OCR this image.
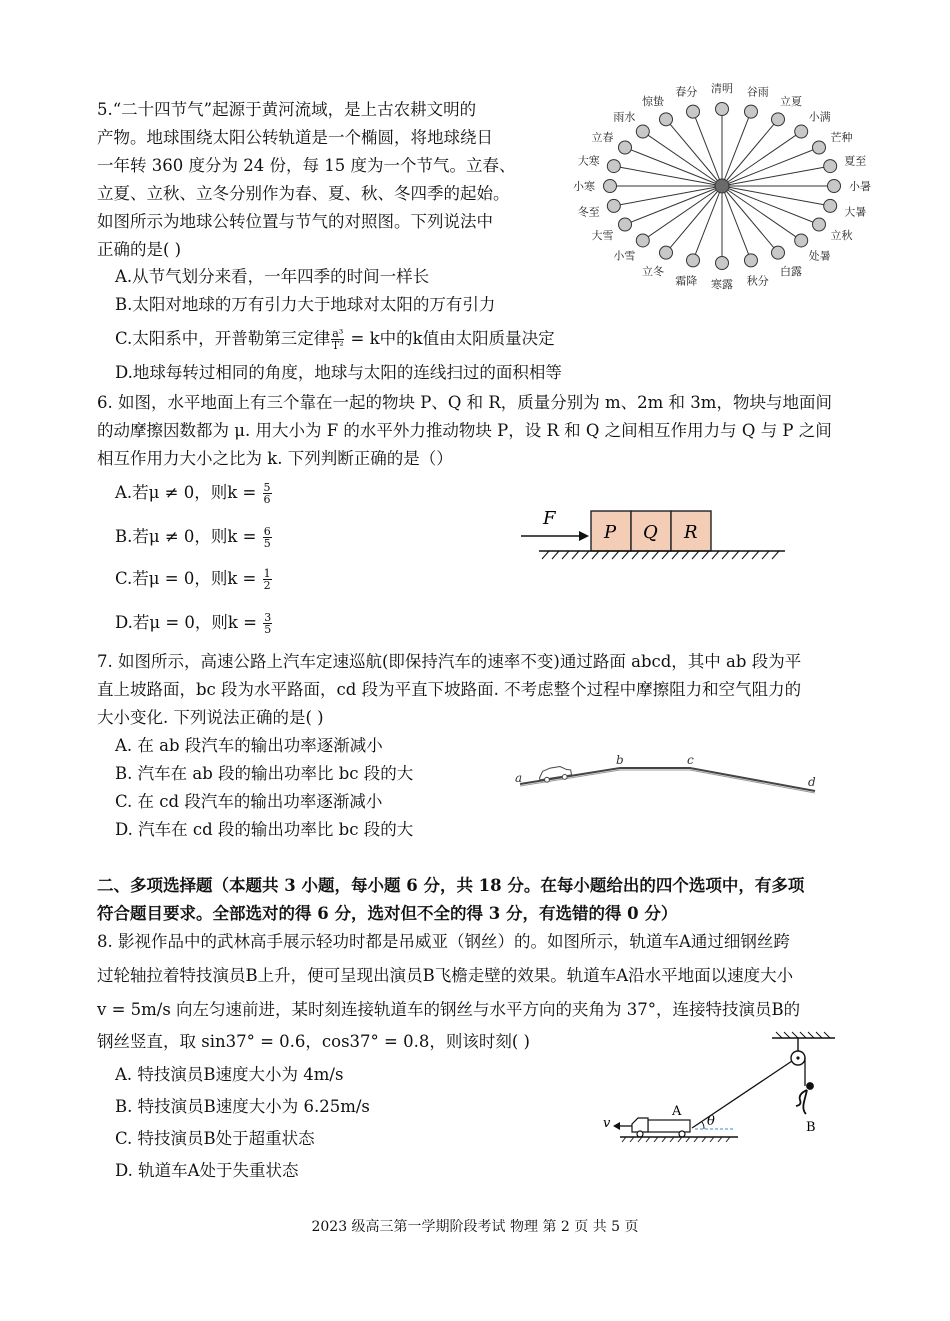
5.“二十四节气”起源于黄河流域，是上古农耕文明的
产物。地球围绕太阳公转轨道是一个椭圆，将地球绕日
一年转 360 度分为 24 份，每 15 度为一个节气。立春、
立夏、立秋、立冬分别作为春、夏、秋、冬四季的起始。
如图所示为地球公转位置与节气的对照图。下列说法中
正确的是( )
A.从节气划分来看，一年四季的时间一样长
B.太阳对地球的万有引力大于地球对太阳的万有引力
C.太阳系中，开普勒第三定律 $\frac{\text{a³}}{\text{T²}} = k$中的k值由太阳质量决定
D.地球每转过相同的角度，地球与太阳的连线扫过的面积相等
清明 谷雨
立夏
小满
芒种
夏至
小暑
大暑
立秋
处暑
白露
秋分
寒露
霜降
立冬
小雪
大雪
冬至
小寒
大寒
立春
雨水
惊蛰
春分
6. 如图，水平地面上有三个靠在一起的物块 P、Q 和 R，质量分别为 m、2m 和 3m，物块与地面间
的动摩擦因数都为 μ. 用大小为 F 的水平外力推动物块 P，设 R 和 Q 之间相互作用力与 Q 与 P 之间
相互作用力大小之比为 k. 下列判断正确的是（）
A.若μ ≠ 0，则$k = \frac{5}{6}$
B.若μ ≠ 0，则$k = \frac{6}{5}$
C.若μ = 0，则$k = \frac{1}{2}$
D.若μ = 0，则$k = \frac{3}{5}$
F
P Q R
7. 如图所示，高速公路上汽车定速巡航(即保持汽车的速率不变)通过路面 abcd，其中 ab 段为平
直上坡路面，bc 段为水平路面，cd 段为平直下坡路面. 不考虑整个过程中摩擦阻力和空气阻力的
大小变化. 下列说法正确的是( )
A. 在 ab 段汽车的输出功率逐渐减小
B. 汽车在 ab 段的输出功率比 bc 段的大
C. 在 cd 段汽车的输出功率逐渐减小
D. 汽车在 cd 段的输出功率比 bc 段的大
a
b	c
d
二、多项选择题（本题共 3 小题，每小题 6 分，共 18 分。在每小题给出的四个选项中，有多项
符合题目要求。全部选对的得 6 分，选对但不全的得 3 分，有选错的得 0 分）
8. 影视作品中的武林高手展示轻功时都是吊威亚（钢丝）的。如图所示，轨道车A通过细钢丝跨
过轮轴拉着特技演员B上升，便可呈现出演员B飞檐走壁的效果。轨道车A沿水平地面以速度大小
v = 5m/s 向左匀速前进，某时刻连接轨道车的钢丝与水平方向的夹角为 37°，连接特技演员B的
钢丝竖直，取 sin37° = 0.6，cos37° = 0.8，则该时刻( )
A. 特技演员B速度大小为 4m/s
B. 特技演员B速度大小为 6.25m/s
C. 特技演员B处于超重状态
D. 轨道车A处于失重状态
B
θ
A
v
2023 级高三第一学期阶段考试 物理 第 2 页 共 5 页
